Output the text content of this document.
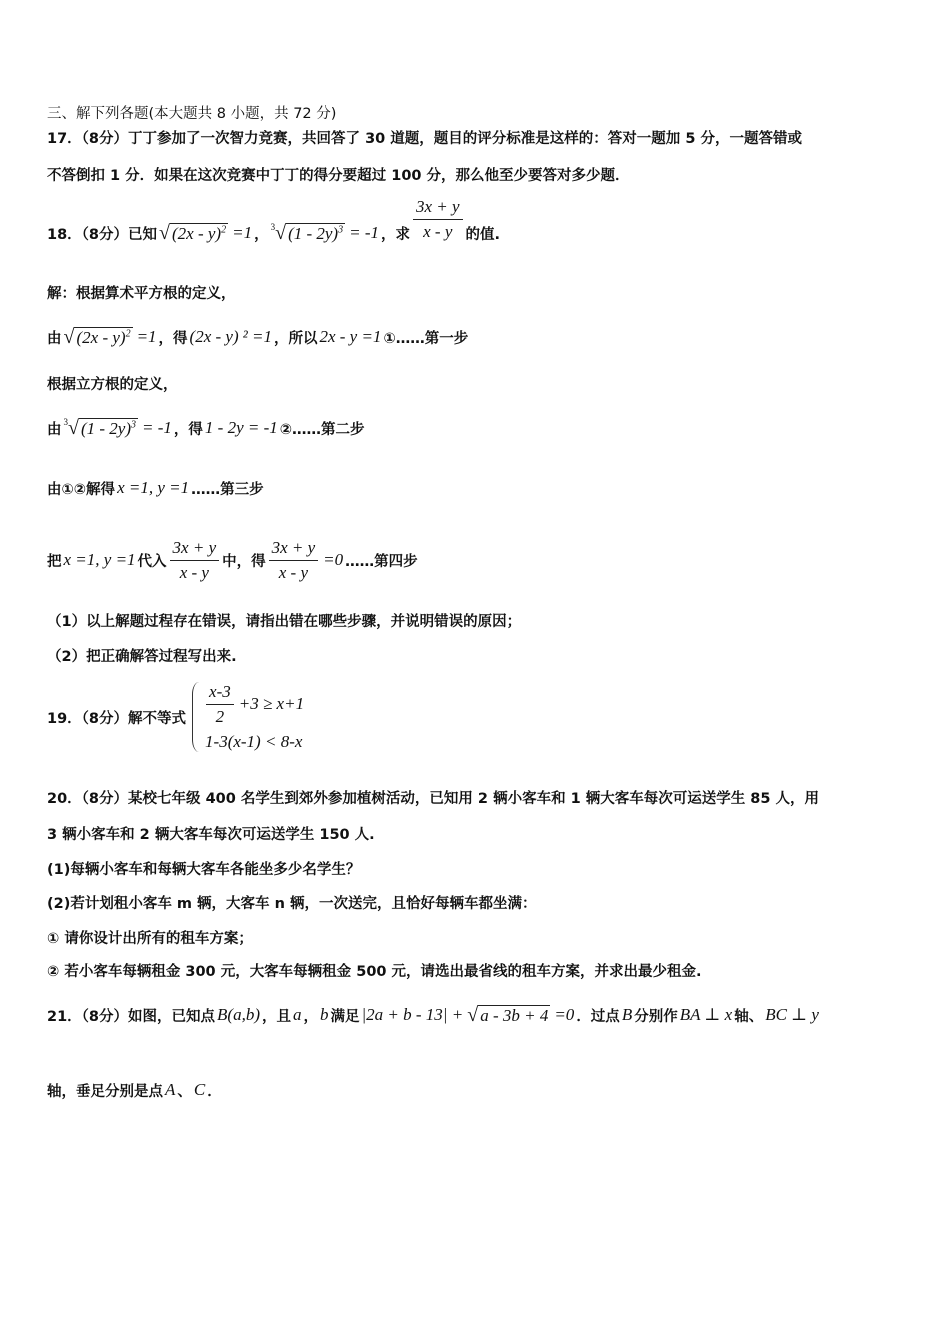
三、解下列各题(本大题共 8 小题，共 72 分)
17．（8分）丁丁参加了一次智力竞赛，共回答了 30 道题，题目的评分标准是这样的：答对一题加 5 分，一题答错或
不答倒扣 1 分．如果在这次竞赛中丁丁的得分要超过 100 分，那么他至少要答对多少题．
18．（8分）已知 √ (2x - y)$^2$ =1 ， 3 √ (1 - 2y)$^3$ = -1 ，求 $\frac{3x + y}{x - y}$ 的值.
解：根据算术平方根的定义，
由 √ (2x - y)$^2$ =1 ，得 (2x - y) ² =1 ，所以 2x - y =1 ①……第一步
根据立方根的定义，
由 3 √ (1 - 2y)$^3$ = -1 ，得 1 - 2y = -1 ②……第二步
由①②解得 x =1, y =1 ……第三步
把 x =1, y =1 代入 $\frac{3x + y}{x - y}$ 中，得 $\frac{3x + y}{x - y} =0$ ……第四步
（1）以上解题过程存在错误，请指出错在哪些步骤，并说明错误的原因；
（2）把正确解答过程写出来.
19．（8分）解不等式 $\frac{x-3}{2} +3 \ge x+1$
1-3(x-1) < 8-x
20．（8分）某校七年级 400 名学生到郊外参加植树活动，已知用 2 辆小客车和 1 辆大客车每次可运送学生 85 人，用
3 辆小客车和 2 辆大客车每次可运送学生 150 人.
(1)每辆小客车和每辆大客车各能坐多少名学生？
(2)若计划租小客车 m 辆，大客车 n 辆，一次送完，且恰好每辆车都坐满：
① 请你设计出所有的租车方案；
② 若小客车每辆租金 300 元，大客车每辆租金 500 元，请选出最省线的租车方案，并求出最少租金.
21．（8分）如图，已知点 B(a,b) ，且 a ， b 满足 |2a + b - 13| + √ a - 3b + 4 =0 ．过点 B 分别作 BA ⊥ x 轴、 BC ⊥ y
轴，垂足分别是点 A 、 C ．
